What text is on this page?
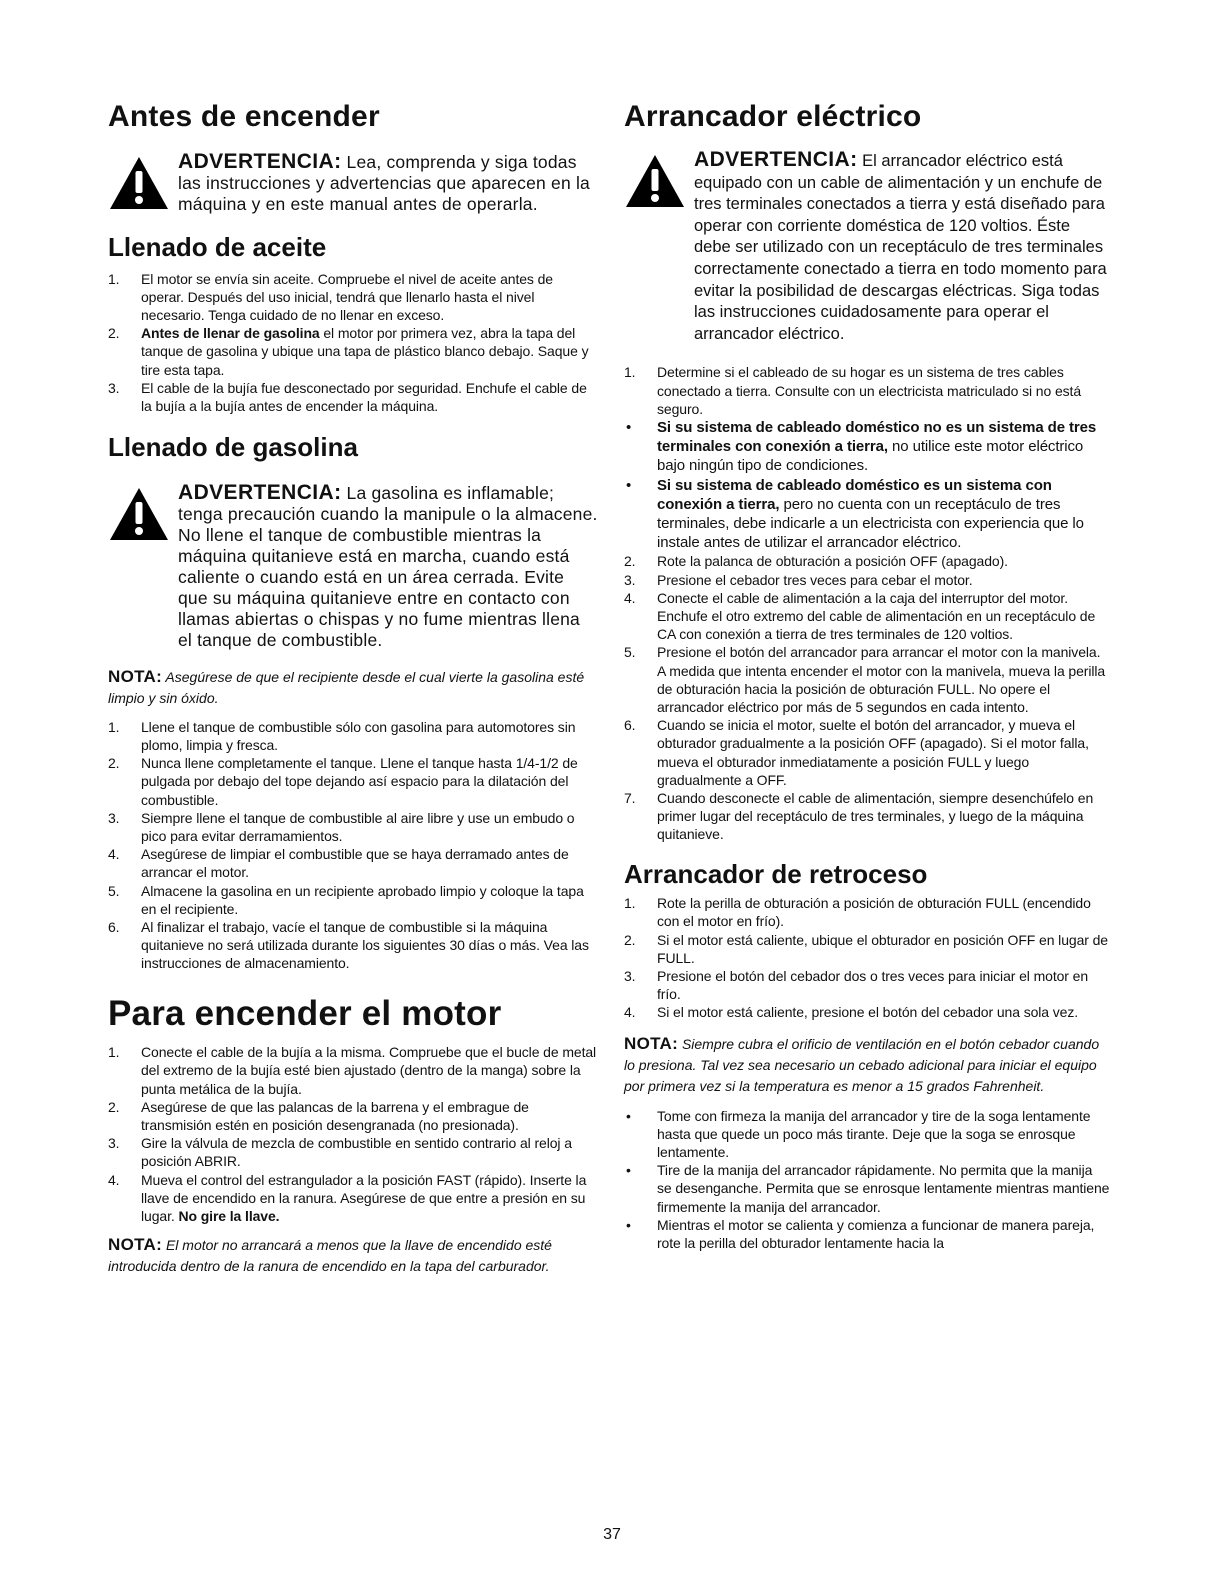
Antes de encender
ADVERTENCIA: Lea, comprenda y siga todas las instrucciones y advertencias que aparecen en la máquina y en este manual antes de operarla.
Llenado de aceite
1. El motor se envía sin aceite. Compruebe el nivel de aceite antes de operar. Después del uso inicial, tendrá que llenarlo hasta el nivel necesario. Tenga cuidado de no llenar en exceso.
2. Antes de llenar de gasolina el motor por primera vez, abra la tapa del tanque de gasolina y ubique una tapa de plástico blanco debajo. Saque y tire esta tapa.
3. El cable de la bujía fue desconectado por seguridad. Enchufe el cable de la bujía a la bujía antes de encender la máquina.
Llenado de gasolina
ADVERTENCIA: La gasolina es inflamable; tenga precaución cuando la manipule o la almacene. No llene el tanque de combustible mientras la máquina quitanieve está en marcha, cuando está caliente o cuando está en un área cerrada. Evite que su máquina quitanieve entre en contacto con llamas abiertas o chispas y no fume mientras llena el tanque de combustible.
NOTA: Asegúrese de que el recipiente desde el cual vierte la gasolina esté limpio y sin óxido.
1. Llene el tanque de combustible sólo con gasolina para automotores sin plomo, limpia y fresca.
2. Nunca llene completamente el tanque. Llene el tanque hasta 1/4-1/2 de pulgada por debajo del tope dejando así espacio para la dilatación del combustible.
3. Siempre llene el tanque de combustible al aire libre y use un embudo o pico para evitar derramamientos.
4. Asegúrese de limpiar el combustible que se haya derramado antes de arrancar el motor.
5. Almacene la gasolina en un recipiente aprobado limpio y coloque la tapa en el recipiente.
6. Al finalizar el trabajo, vacíe el tanque de combustible si la máquina quitanieve no será utilizada durante los siguientes 30 días o más. Vea las instrucciones de almacenamiento.
Para encender el motor
1. Conecte el cable de la bujía a la misma. Compruebe que el bucle de metal del extremo de la bujía esté bien ajustado (dentro de la manga) sobre la punta metálica de la bujía.
2. Asegúrese de que las palancas de la barrena y el embrague de transmisión estén en posición desengranada (no presionada).
3. Gire la válvula de mezcla de combustible en sentido contrario al reloj a posición ABRIR.
4. Mueva el control del estrangulador a la posición FAST (rápido). Inserte la llave de encendido en la ranura. Asegúrese de que entre a presión en su lugar. No gire la llave.
NOTA: El motor no arrancará a menos que la llave de encendido esté introducida dentro de la ranura de encendido en la tapa del carburador.
Arrancador eléctrico
ADVERTENCIA: El arrancador eléctrico está equipado con un cable de alimentación y un enchufe de tres terminales conectados a tierra y está diseñado para operar con corriente doméstica de 120 voltios. Éste debe ser utilizado con un receptáculo de tres terminales correctamente conectado a tierra en todo momento para evitar la posibilidad de descargas eléctricas. Siga todas las instrucciones cuidadosamente para operar el arrancador eléctrico.
1. Determine si el cableado de su hogar es un sistema de tres cables conectado a tierra. Consulte con un electricista matriculado si no está seguro.
• Si su sistema de cableado doméstico no es un sistema de tres terminales con conexión a tierra, no utilice este motor eléctrico bajo ningún tipo de condiciones.
• Si su sistema de cableado doméstico es un sistema con conexión a tierra, pero no cuenta con un receptáculo de tres terminales, debe indicarle a un electricista con experiencia que lo instale antes de utilizar el arrancador eléctrico.
2. Rote la palanca de obturación a posición OFF (apagado).
3. Presione el cebador tres veces para cebar el motor.
4. Conecte el cable de alimentación a la caja del interruptor del motor. Enchufe el otro extremo del cable de alimentación en un receptáculo de CA con conexión a tierra de tres terminales de 120 voltios.
5. Presione el botón del arrancador para arrancar el motor con la manivela. A medida que intenta encender el motor con la manivela, mueva la perilla de obturación hacia la posición de obturación FULL. No opere el arrancador eléctrico por más de 5 segundos en cada intento.
6. Cuando se inicia el motor, suelte el botón del arrancador, y mueva el obturador gradualmente a la posición OFF (apagado). Si el motor falla, mueva el obturador inmediatamente a posición FULL y luego gradualmente a OFF.
7. Cuando desconecte el cable de alimentación, siempre desenchúfelo en primer lugar del receptáculo de tres terminales, y luego de la máquina quitanieve.
Arrancador de retroceso
1. Rote la perilla de obturación a posición de obturación FULL (encendido con el motor en frío).
2. Si el motor está caliente, ubique el obturador en posición OFF en lugar de FULL.
3. Presione el botón del cebador dos o tres veces para iniciar el motor en frío.
4. Si el motor está caliente, presione el botón del cebador una sola vez.
NOTA: Siempre cubra el orificio de ventilación en el botón cebador cuando lo presiona. Tal vez sea necesario un cebado adicional para iniciar el equipo por primera vez si la temperatura es menor a 15 grados Fahrenheit.
• Tome con firmeza la manija del arrancador y tire de la soga lentamente hasta que quede un poco más tirante. Deje que la soga se enrosque lentamente.
• Tire de la manija del arrancador rápidamente. No permita que la manija se desenganche. Permita que se enrosque lentamente mientras mantiene firmemente la manija del arrancador.
• Mientras el motor se calienta y comienza a funcionar de manera pareja, rote la perilla del obturador lentamente hacia la
37
